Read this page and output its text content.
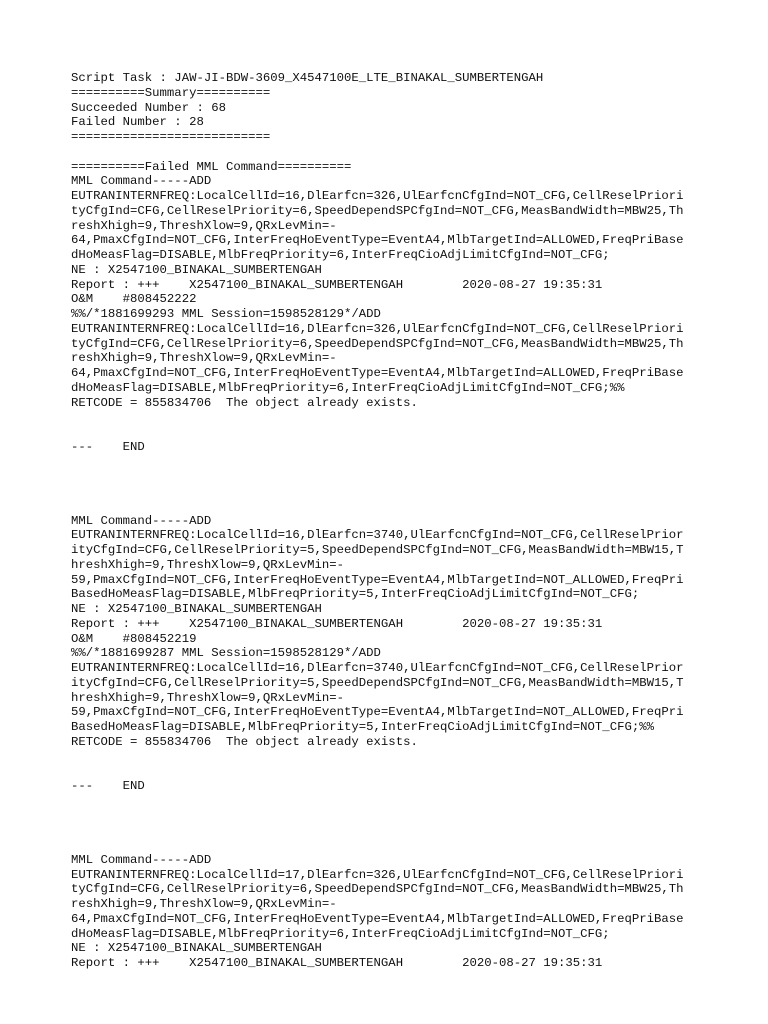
Script Task : JAW-JI-BDW-3609_X4547100E_LTE_BINAKAL_SUMBERTENGAH
==========Summary==========
Succeeded Number : 68
Failed Number : 28
===========================
==========Failed MML Command==========
MML Command-----ADD
EUTRANINTERNFREQ:LocalCellId=16,DlEarfcn=326,UlEarfcnCfgInd=NOT_CFG,CellReselPriori
tyCfgInd=CFG,CellReselPriority=6,SpeedDependSPCfgInd=NOT_CFG,MeasBandWidth=MBW25,Th
reshXhigh=9,ThreshXlow=9,QRxLevMin=-
64,PmaxCfgInd=NOT_CFG,InterFreqHoEventType=EventA4,MlbTargetInd=ALLOWED,FreqPriBase
dHoMeasFlag=DISABLE,MlbFreqPriority=6,InterFreqCioAdjLimitCfgInd=NOT_CFG;
NE : X2547100_BINAKAL_SUMBERTENGAH
Report : +++    X2547100_BINAKAL_SUMBERTENGAH        2020-08-27 19:35:31
O&M    #808452222
%%/*1881699293 MML Session=1598528129*/ADD
EUTRANINTERNFREQ:LocalCellId=16,DlEarfcn=326,UlEarfcnCfgInd=NOT_CFG,CellReselPriori
tyCfgInd=CFG,CellReselPriority=6,SpeedDependSPCfgInd=NOT_CFG,MeasBandWidth=MBW25,Th
reshXhigh=9,ThreshXlow=9,QRxLevMin=-
64,PmaxCfgInd=NOT_CFG,InterFreqHoEventType=EventA4,MlbTargetInd=ALLOWED,FreqPriBase
dHoMeasFlag=DISABLE,MlbFreqPriority=6,InterFreqCioAdjLimitCfgInd=NOT_CFG;%%
RETCODE = 855834706  The object already exists.
---    END
MML Command-----ADD
EUTRANINTERNFREQ:LocalCellId=16,DlEarfcn=3740,UlEarfcnCfgInd=NOT_CFG,CellReselPrior
ityCfgInd=CFG,CellReselPriority=5,SpeedDependSPCfgInd=NOT_CFG,MeasBandWidth=MBW15,T
hreshXhigh=9,ThreshXlow=9,QRxLevMin=-
59,PmaxCfgInd=NOT_CFG,InterFreqHoEventType=EventA4,MlbTargetInd=NOT_ALLOWED,FreqPri
BasedHoMeasFlag=DISABLE,MlbFreqPriority=5,InterFreqCioAdjLimitCfgInd=NOT_CFG;
NE : X2547100_BINAKAL_SUMBERTENGAH
Report : +++    X2547100_BINAKAL_SUMBERTENGAH        2020-08-27 19:35:31
O&M    #808452219
%%/*1881699287 MML Session=1598528129*/ADD
EUTRANINTERNFREQ:LocalCellId=16,DlEarfcn=3740,UlEarfcnCfgInd=NOT_CFG,CellReselPrior
ityCfgInd=CFG,CellReselPriority=5,SpeedDependSPCfgInd=NOT_CFG,MeasBandWidth=MBW15,T
hreshXhigh=9,ThreshXlow=9,QRxLevMin=-
59,PmaxCfgInd=NOT_CFG,InterFreqHoEventType=EventA4,MlbTargetInd=NOT_ALLOWED,FreqPri
BasedHoMeasFlag=DISABLE,MlbFreqPriority=5,InterFreqCioAdjLimitCfgInd=NOT_CFG;%%
RETCODE = 855834706  The object already exists.
---    END
MML Command-----ADD
EUTRANINTERNFREQ:LocalCellId=17,DlEarfcn=326,UlEarfcnCfgInd=NOT_CFG,CellReselPriori
tyCfgInd=CFG,CellReselPriority=6,SpeedDependSPCfgInd=NOT_CFG,MeasBandWidth=MBW25,Th
reshXhigh=9,ThreshXlow=9,QRxLevMin=-
64,PmaxCfgInd=NOT_CFG,InterFreqHoEventType=EventA4,MlbTargetInd=ALLOWED,FreqPriBase
dHoMeasFlag=DISABLE,MlbFreqPriority=6,InterFreqCioAdjLimitCfgInd=NOT_CFG;
NE : X2547100_BINAKAL_SUMBERTENGAH
Report : +++    X2547100_BINAKAL_SUMBERTENGAH        2020-08-27 19:35:31
